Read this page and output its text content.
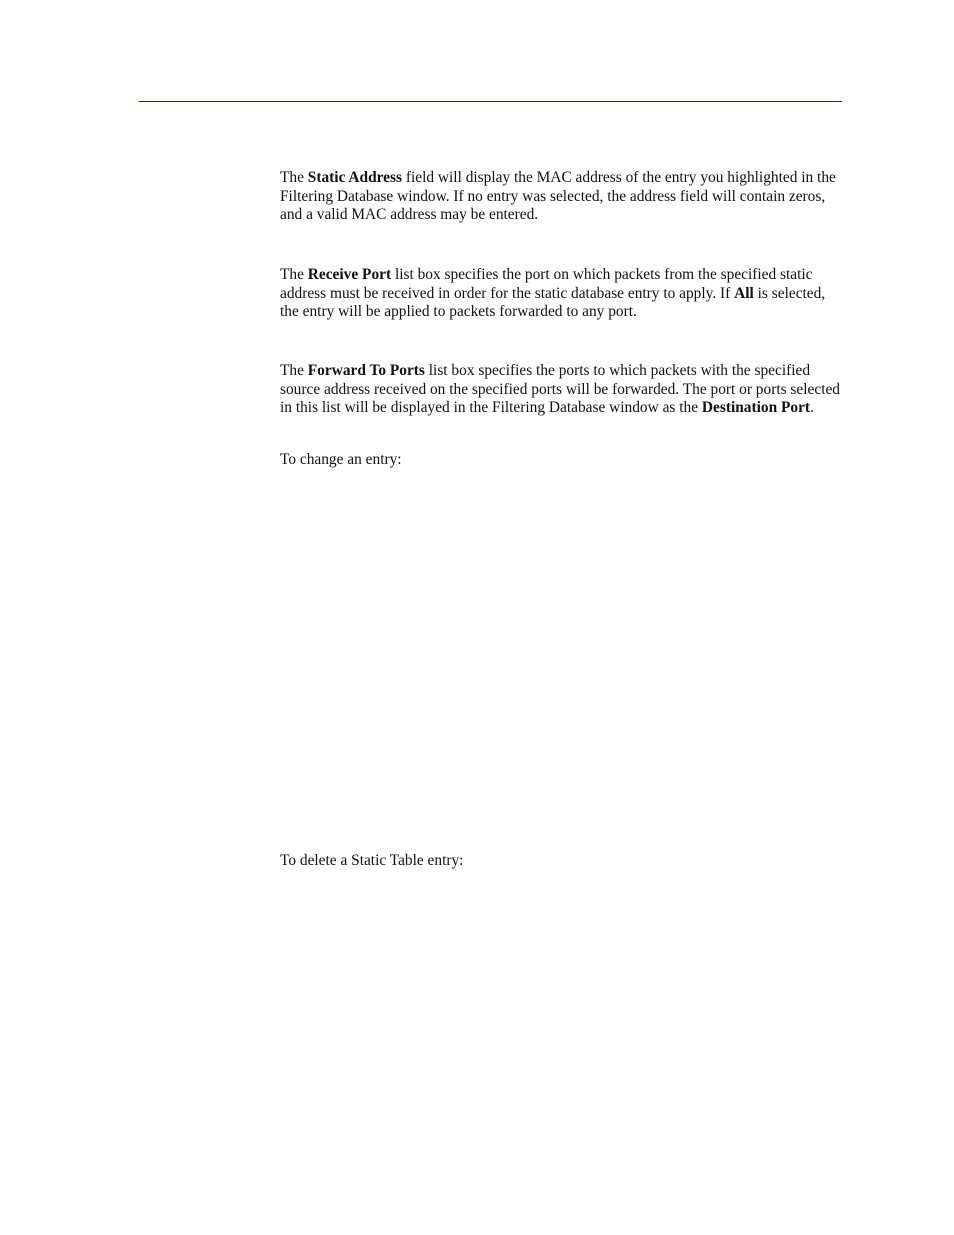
The Static Address field will display the MAC address of the entry you highlighted in the Filtering Database window. If no entry was selected, the address field will contain zeros, and a valid MAC address may be entered.

The Receive Port list box specifies the port on which packets from the specified static address must be received in order for the static database entry to apply. If All is selected, the entry will be applied to packets forwarded to any port.

The Forward To Ports list box specifies the ports to which packets with the specified source address received on the specified ports will be forwarded. The port or ports selected in this list will be displayed in the Filtering Database window as the Destination Port.

To change an entry:

To delete a Static Table entry:
